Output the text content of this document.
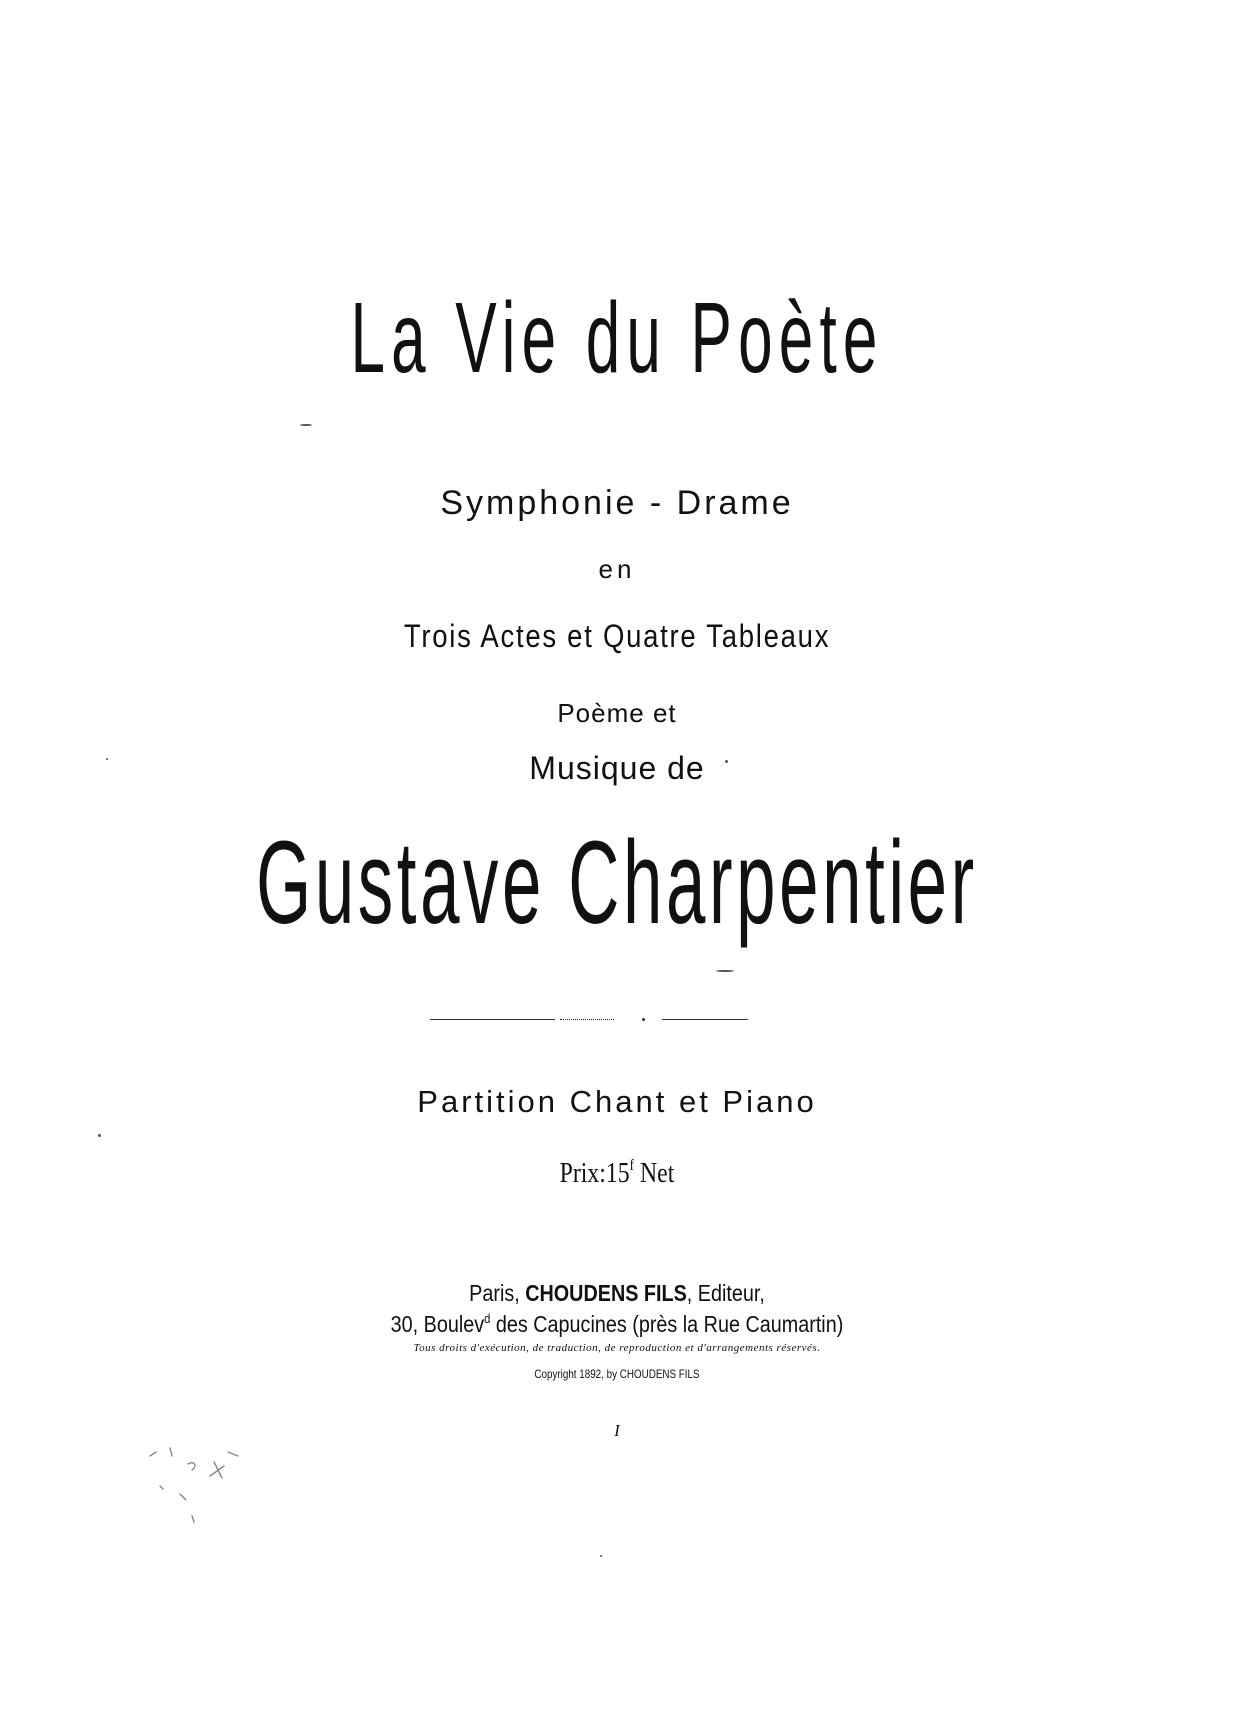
La Vie du Poète
Symphonie - Drame
en
Trois Actes et Quatre Tableaux
Poème et
Musique de
Gustave Charpentier
Partition Chant et Piano
Prix:15$^f$ Net
Paris, CHOUDENS FILS, Editeur,
30, Boulev$^d$ des Capucines (près la Rue Caumartin)
Tous droits d'exécution, de traduction, de reproduction et d'arrangements réservés.
Copyright 1892, by CHOUDENS FILS
I
